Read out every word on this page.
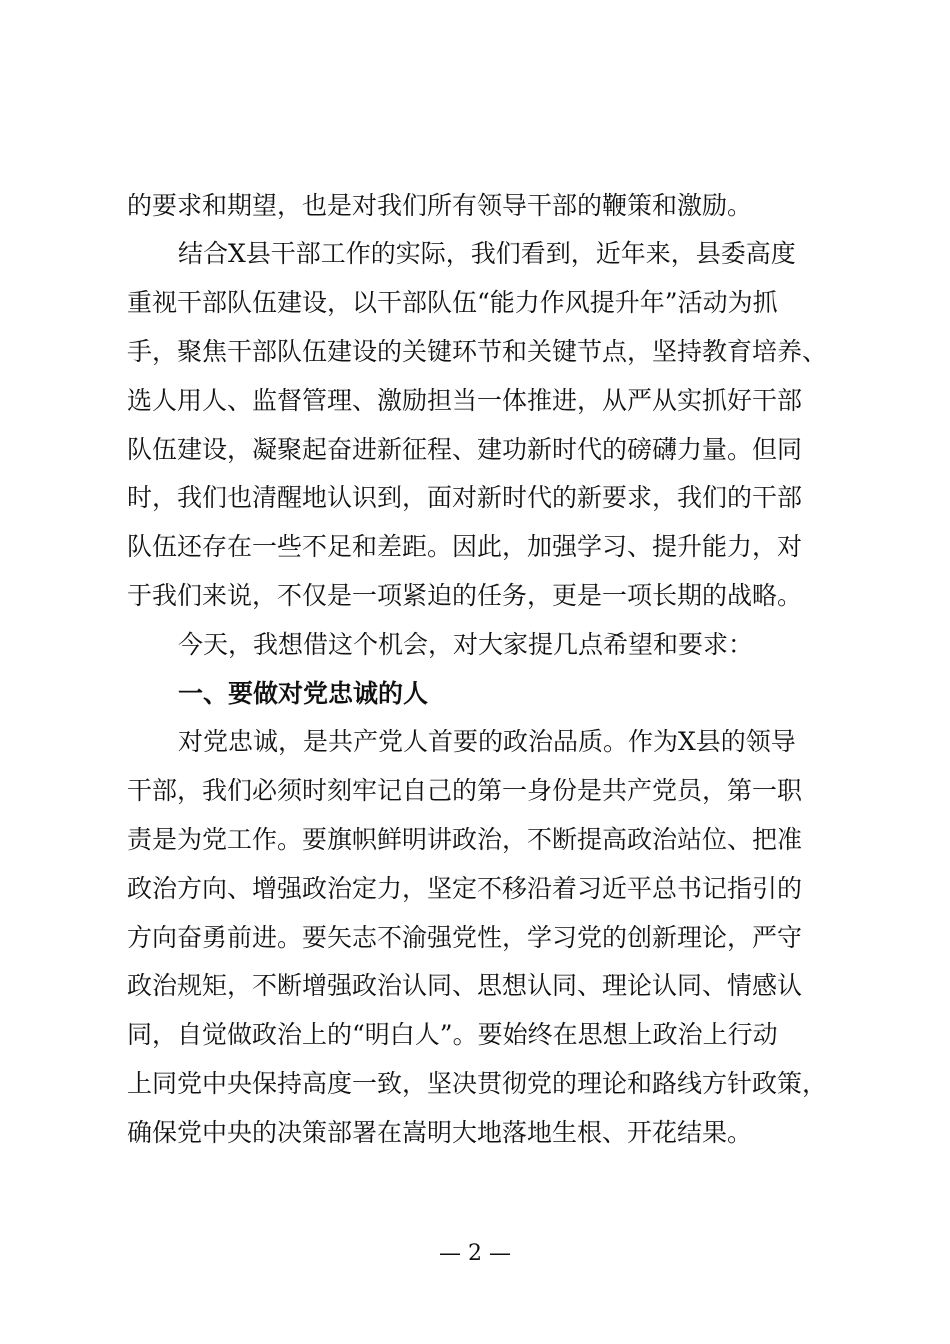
的要求和期望，也是对我们所有领导干部的鞭策和激励。
结合X县干部工作的实际，我们看到，近年来，县委高度
重视干部队伍建设，以干部队伍“能力作风提升年”活动为抓
手，聚焦干部队伍建设的关键环节和关键节点，坚持教育培养、
选人用人、监督管理、激励担当一体推进，从严从实抓好干部
队伍建设，凝聚起奋进新征程、建功新时代的磅礴力量。但同
时，我们也清醒地认识到，面对新时代的新要求，我们的干部
队伍还存在一些不足和差距。因此，加强学习、提升能力，对
于我们来说，不仅是一项紧迫的任务，更是一项长期的战略。
今天，我想借这个机会，对大家提几点希望和要求：
一、要做对党忠诚的人
对党忠诚，是共产党人首要的政治品质。作为X县的领导
干部，我们必须时刻牢记自己的第一身份是共产党员，第一职
责是为党工作。要旗帜鲜明讲政治，不断提高政治站位、把准
政治方向、增强政治定力，坚定不移沿着习近平总书记指引的
方向奋勇前进。要矢志不渝强党性，学习党的创新理论，严守
政治规矩，不断增强政治认同、思想认同、理论认同、情感认
同，自觉做政治上的“明白人”。要始终在思想上政治上行动
上同党中央保持高度一致，坚决贯彻党的理论和路线方针政策，
确保党中央的决策部署在嵩明大地落地生根、开花结果。
— 2 —
